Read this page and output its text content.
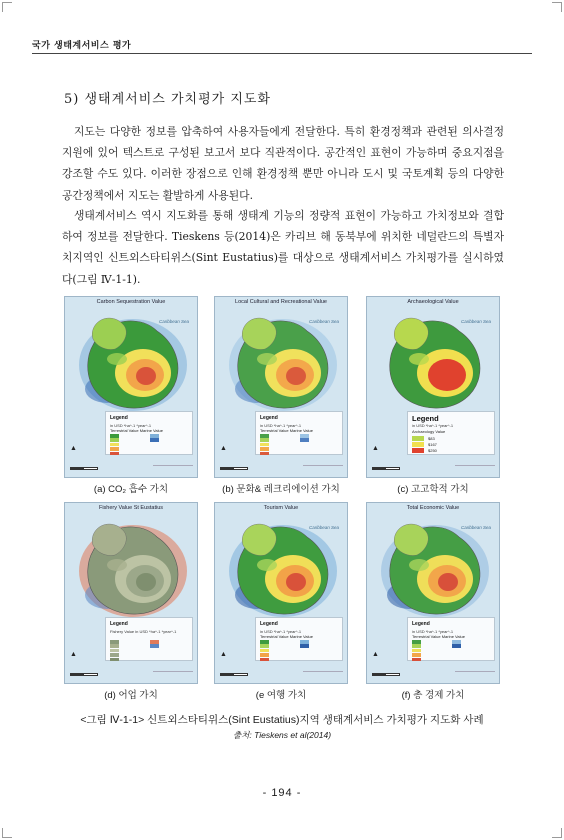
국가 생태계서비스 평가
5) 생태계서비스 가치평가 지도화

지도는 다양한 정보를 압축하여 사용자들에게 전달한다. 특히 환경정책과 관련된 의사결정지원에 있어 텍스트로 구성된 보고서 보다 직관적이다. 공간적인 표현이 가능하며 중요지점을 강조할 수도 있다. 이러한 장점으로 인해 환경정책 뿐만 아니라 도시 및 국토계획 등의 다양한 공간정책에서 지도는 활발하게 사용된다.

생태계서비스 역시 지도화를 통해 생태계 기능의 정량적 표현이 가능하고 가치정보와 결합하여 정보를 전달한다. Tieskens 등(2014)은 카리브 해 동북부에 위치한 네덜란드의 특별자치지역인 신트외스타티위스(Sint Eustatius)를 대상으로 생태계서비스 가치평가를 실시하였다(그림 Ⅳ-1-1).

Carbon Sequestration Value
Caribbean Sea
Legend
in USD *ha^-1 *year^-1
Terrestrial Value Marine Value
▲
(a) CO₂ 흡수 가치
Local Cultural and Recreational Value
Caribbean Sea
Legend
in USD *ha^-1 *year^-1
Terrestrial Value Marine Value
▲
(b) 문화& 레크리에이션 가치
Archaeological Value
Caribbean Sea
Legend
in USD *ha^-1 *year^-1
Archaeology Value
$83
$167
$250
▲
(c) 고고학적 가치
Fishery Value St Eustatius
Legend
Fishery Value in USD *ha^-1 *year^-1
▲
(d) 어업 가치
Tourism Value
Caribbean Sea
Legend
in USD *ha^-1 *year^-1
Terrestrial Value Marine Value
▲
(e 여행 가치
Total Economic Value
Caribbean Sea
Legend
in USD *ha^-1 *year^-1
Terrestrial Value Marine Value
▲
(f) 총 경제 가치
<그림 Ⅳ-1-1> 신트외스타티위스(Sint Eustatius)지역 생태계서비스 가치평가 지도화 사례
출처: Tieskens et al(2014)
- 194 -
